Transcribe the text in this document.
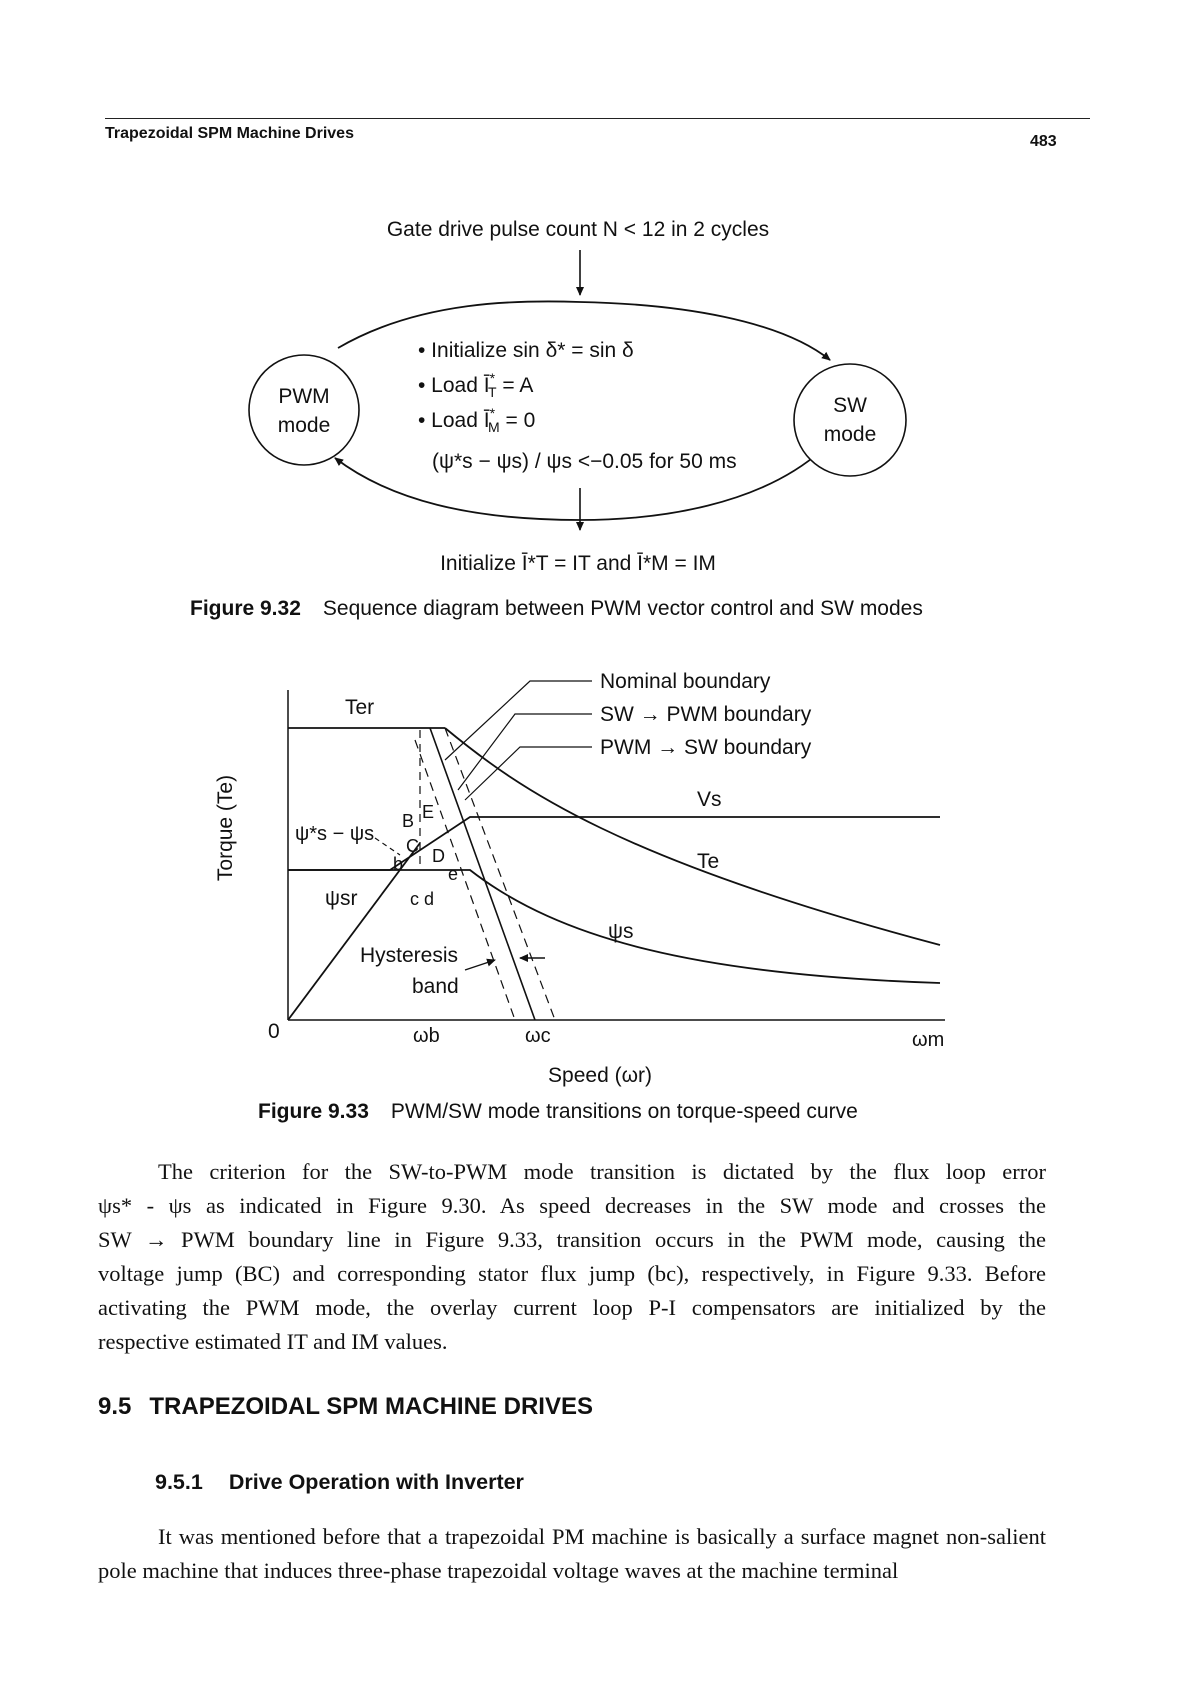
Trapezoidal SPM Machine Drives	483
Gate drive pulse count N < 12 in 2 cycles
PWM
mode
SW
mode
• Initialize sin δ* = sin δ
• Load Ī* T = A
• Load Ī* M = 0
(ψ*s − ψs) / ψs <−0.05 for 50 ms
Initialize Ī*T = IT and Ī*M = IM
Figure 9.32 Sequence diagram between PWM vector control and SW modes
Torque (Te)
Speed (ωr)
Nominal boundary
SW → PWM boundary
PWM → SW boundary
Ter
Vs
Te
ψs
ψsr
ψ*s − ψs
B E
C D
b e
c d
Hysteresis
band
0	ωb	ωc	ωm
Figure 9.33 PWM/SW mode transitions on torque-speed curve
The criterion for the SW-to-PWM mode transition is dictated by the flux loop error
ψs* - ψs as indicated in Figure 9.30. As speed decreases in the SW mode and crosses the
SW → PWM boundary line in Figure 9.33, transition occurs in the PWM mode, causing the
voltage jump (BC) and corresponding stator flux jump (bc), respectively, in Figure 9.33. Before
activating the PWM mode, the overlay current loop P-I compensators are initialized by the
respective estimated IT and IM values.
9.5 TRAPEZOIDAL SPM MACHINE DRIVES
9.5.1 Drive Operation with Inverter
It was mentioned before that a trapezoidal PM machine is basically a surface magnet non-salient pole machine that induces three-phase trapezoidal voltage waves at the machine terminal
